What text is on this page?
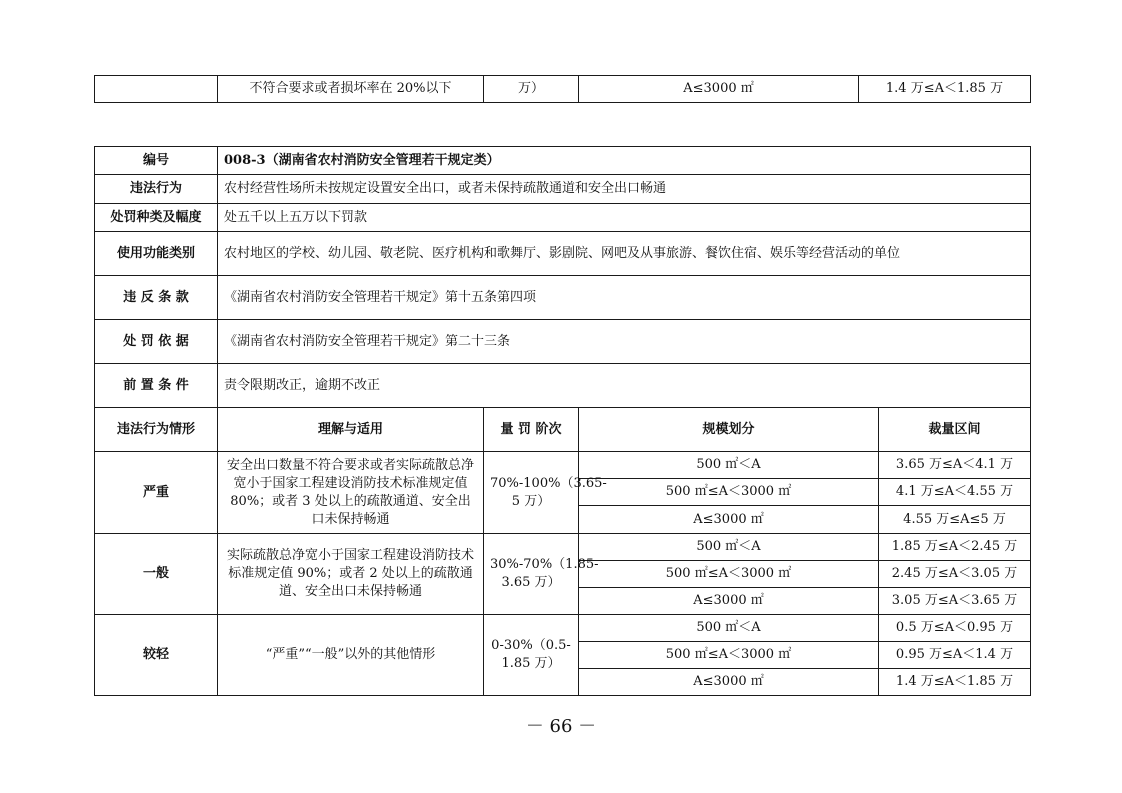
	不符合要求或者损坏率在 20%以下	万）	A≤3000 ㎡	1.4 万≤A＜1.85 万
编号	008-3（湖南省农村消防安全管理若干规定类）			
违法行为	农村经营性场所未按规定设置安全出口，或者未保持疏散通道和安全出口畅通			
处罚种类及幅度	处五千以上五万以下罚款			
使用功能类别	农村地区的学校、幼儿园、敬老院、医疗机构和歌舞厅、影剧院、网吧及从事旅游、餐饮住宿、娱乐等经营活动的单位			
违 反 条 款	《湖南省农村消防安全管理若干规定》第十五条第四项			
处 罚 依 据	《湖南省农村消防安全管理若干规定》第二十三条			
前 置 条 件	责令限期改正，逾期不改正			
违法行为情形	理解与适用	量 罚 阶次	规模划分	裁量区间
严重	安全出口数量不符合要求或者实际疏散总净宽小于国家工程建设消防技术标准规定值 80%；或者 3 处以上的疏散通道、安全出口未保持畅通	70%-100%（3.65-5 万）	500 ㎡＜A	3.65 万≤A＜4.1 万
			500 ㎡≤A＜3000 ㎡	4.1 万≤A＜4.55 万
			A≤3000 ㎡	4.55 万≤A≤5 万
一般	实际疏散总净宽小于国家工程建设消防技术标准规定值 90%；或者 2 处以上的疏散通道、安全出口未保持畅通	30%-70%（1.85-3.65 万）	500 ㎡＜A	1.85 万≤A＜2.45 万
			500 ㎡≤A＜3000 ㎡	2.45 万≤A＜3.05 万
			A≤3000 ㎡	3.05 万≤A＜3.65 万
较轻	“严重”“一般”以外的其他情形	0-30%（0.5-1.85 万）	500 ㎡＜A	0.5 万≤A＜0.95 万
			500 ㎡≤A＜3000 ㎡	0.95 万≤A＜1.4 万
			A≤3000 ㎡	1.4 万≤A＜1.85 万
－ 66 －
